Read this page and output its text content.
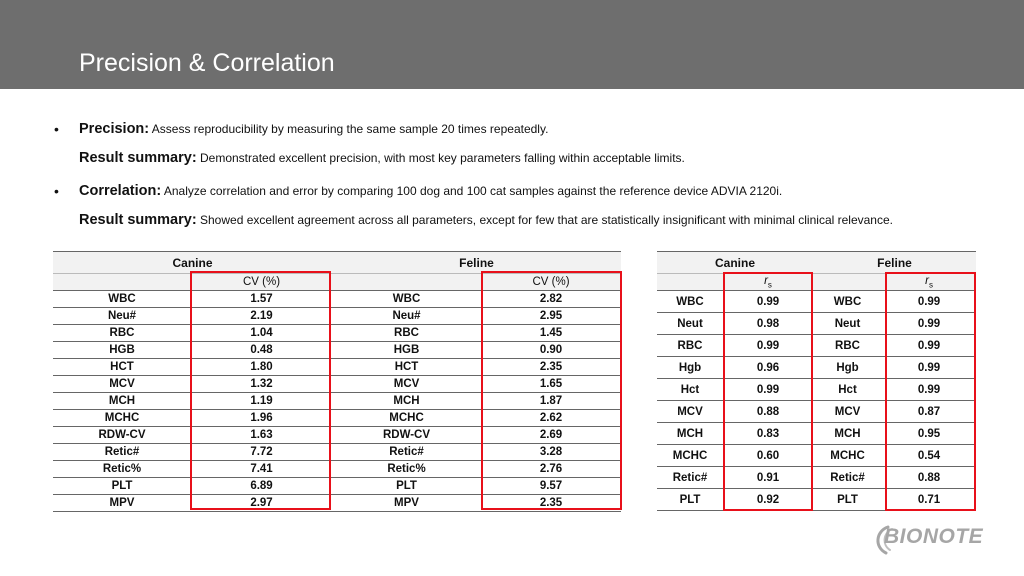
Precision & Correlation
• Precision: Assess reproducibility by measuring the same sample 20 times repeatedly.
Result summary: Demonstrated excellent precision, with most key parameters falling within acceptable limits.
• Correlation: Analyze correlation and error by comparing 100 dog and 100 cat samples against the reference device ADVIA 2120i.
Result summary: Showed excellent agreement across all parameters, except for few that are statistically insignificant with minimal clinical relevance.
Canine		Feline	
	CV (%)		CV (%)
WBC	1.57	WBC	2.82
Neu#	2.19	Neu#	2.95
RBC	1.04	RBC	1.45
HGB	0.48	HGB	0.90
HCT	1.80	HCT	2.35
MCV	1.32	MCV	1.65
MCH	1.19	MCH	1.87
MCHC	1.96	MCHC	2.62
RDW-CV	1.63	RDW-CV	2.69
Retic#	7.72	Retic#	3.28
Retic%	7.41	Retic%	2.76
PLT	6.89	PLT	9.57
MPV	2.97	MPV	2.35
Canine		Feline	
	$r_s$		$r_s$
WBC	0.99	WBC	0.99
Neut	0.98	Neut	0.99
RBC	0.99	RBC	0.99
Hgb	0.96	Hgb	0.99
Hct	0.99	Hct	0.99
MCV	0.88	MCV	0.87
MCH	0.83	MCH	0.95
MCHC	0.60	MCHC	0.54
Retic#	0.91	Retic#	0.88
PLT	0.92	PLT	0.71
BIONOTE
